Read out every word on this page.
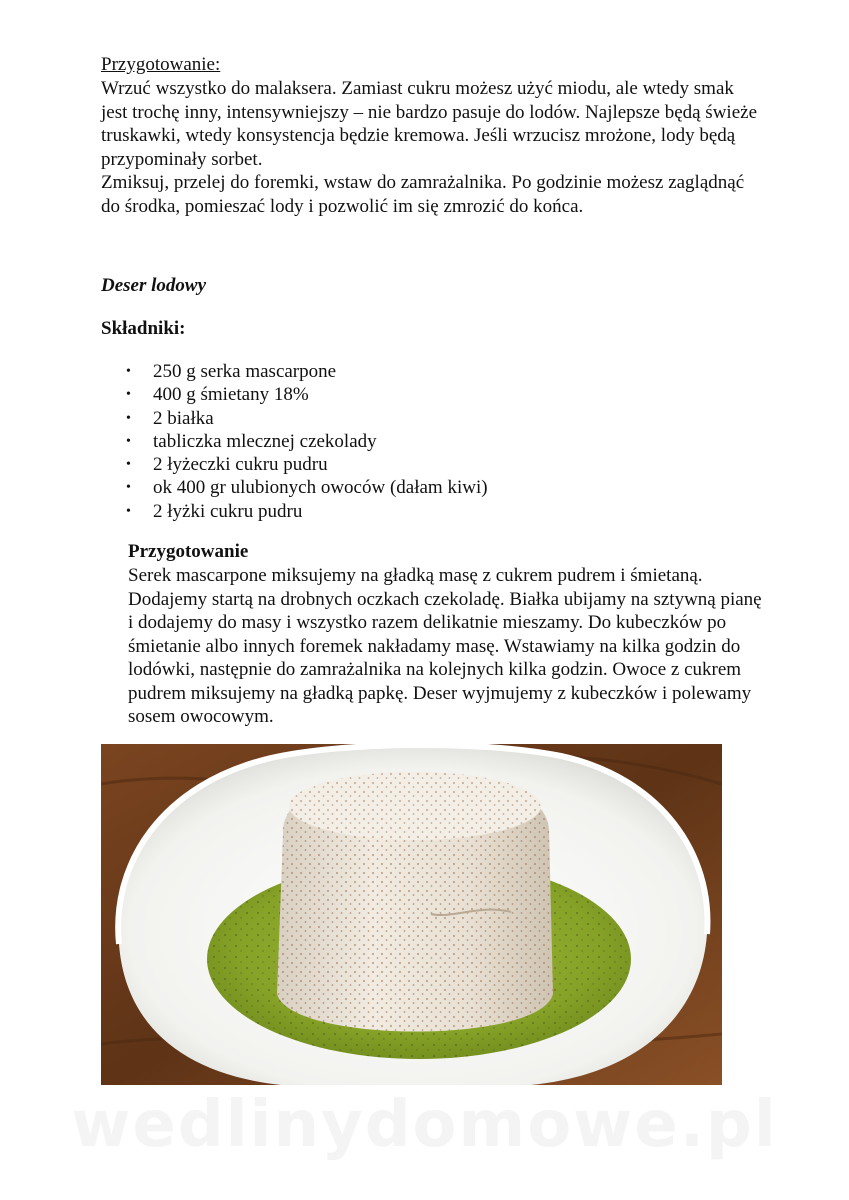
Przygotowanie:

Wrzuć wszystko do malaksera. Zamiast cukru możesz użyć miodu, ale wtedy smak jest trochę inny, intensywniejszy – nie bardzo pasuje do lodów. Najlepsze będą świeże truskawki, wtedy konsystencja będzie kremowa. Jeśli wrzucisz mrożone, lody będą przypominały sorbet.

Zmiksuj, przelej do foremki, wstaw do zamrażalnika. Po godzinie możesz zaglądnąć do środka, pomieszać lody i pozwolić im się zmrozić do końca.

Deser lodowy
Składniki:
• 250 g serka mascarpone
• 400 g śmietany 18%
• 2 białka
• tabliczka mlecznej czekolady
• 2 łyżeczki cukru pudru
• ok 400 gr ulubionych owoców (dałam kiwi)
• 2 łyżki cukru pudru
Przygotowanie
Serek mascarpone miksujemy na gładką masę z cukrem pudrem i śmietaną. Dodajemy startą na drobnych oczkach czekoladę. Białka ubijamy na sztywną pianę i dodajemy do masy i wszystko razem delikatnie mieszamy. Do kubeczków po śmietanie albo innych foremek nakładamy masę. Wstawiamy na kilka godzin do lodówki, następnie do zamrażalnika na kolejnych kilka godzin. Owoce z cukrem pudrem miksujemy na gładką papkę. Deser wyjmujemy z kubeczków i polewamy sosem owocowym.
wedlinydomowe.pl
